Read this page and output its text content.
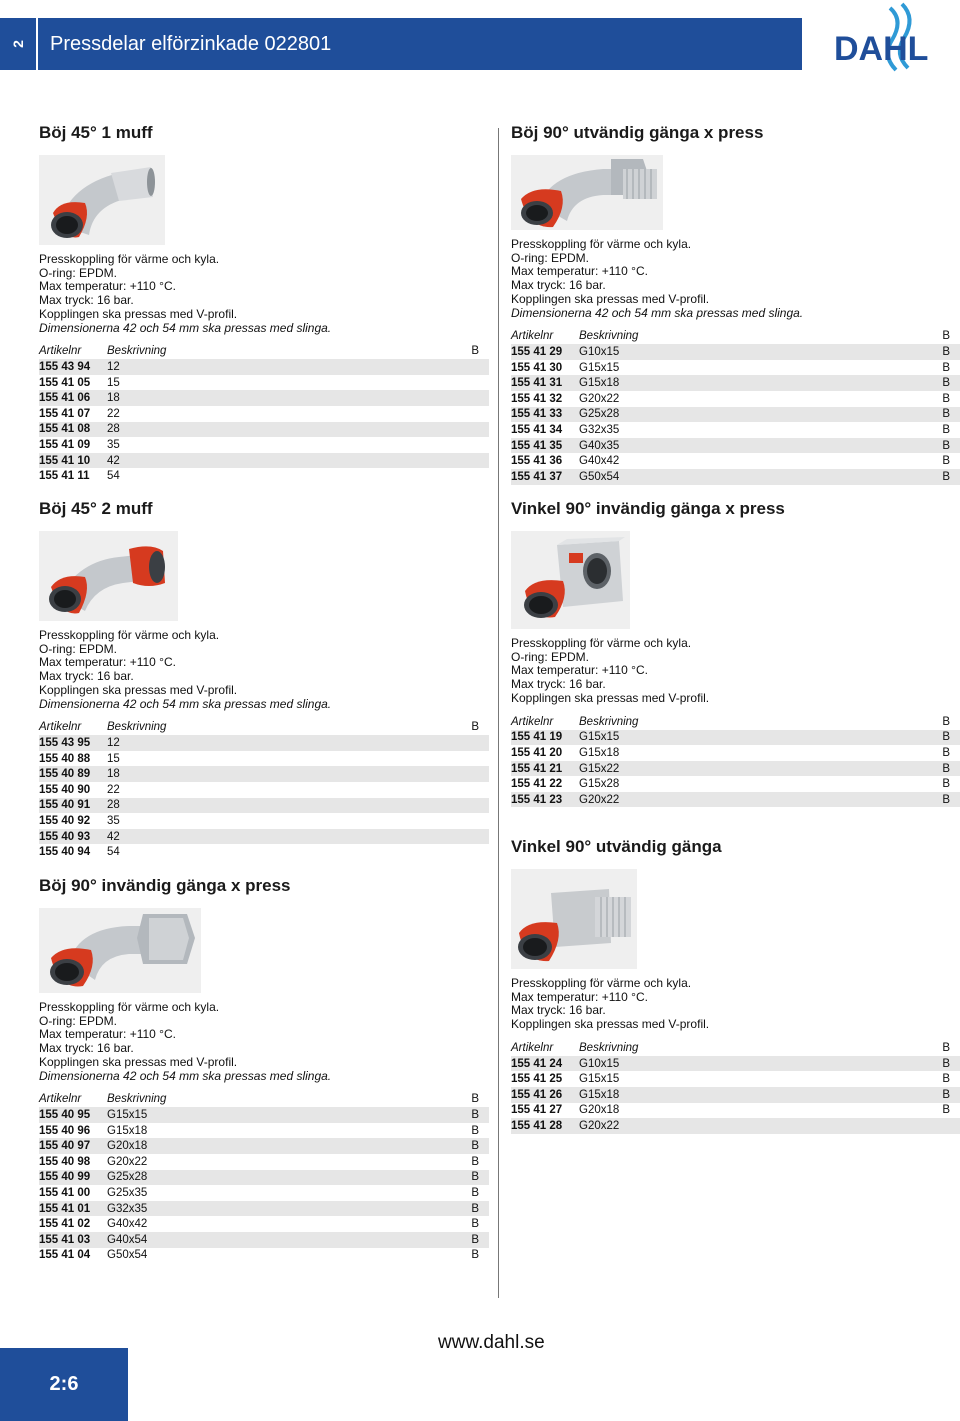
2	Pressdelar elförzinkade 022801	DAHL
Böj 45° 1 muff
Presskoppling för värme och kyla.
O-ring: EPDM.
Max temperatur: +110 °C.
Max tryck: 16 bar.
Kopplingen ska pressas med V-profil.
Dimensionerna 42 och 54 mm ska pressas med slinga.
Artikelnr	Beskrivning	B
155 43 94	12	
155 41 05	15	
155 41 06	18	
155 41 07	22	
155 41 08	28	
155 41 09	35	
155 41 10	42	
155 41 11	54	
Böj 45° 2 muff
Presskoppling för värme och kyla.
O-ring: EPDM.
Max temperatur: +110 °C.
Max tryck: 16 bar.
Kopplingen ska pressas med V-profil.
Dimensionerna 42 och 54 mm ska pressas med slinga.
Artikelnr	Beskrivning	B
155 43 95	12	
155 40 88	15	
155 40 89	18	
155 40 90	22	
155 40 91	28	
155 40 92	35	
155 40 93	42	
155 40 94	54	
Böj 90° invändig gänga x press
Presskoppling för värme och kyla.
O-ring: EPDM.
Max temperatur: +110 °C.
Max tryck: 16 bar.
Kopplingen ska pressas med V-profil.
Dimensionerna 42 och 54 mm ska pressas med slinga.
Artikelnr	Beskrivning	B
155 40 95	G15x15	B
155 40 96	G15x18	B
155 40 97	G20x18	B
155 40 98	G20x22	B
155 40 99	G25x28	B
155 41 00	G25x35	B
155 41 01	G32x35	B
155 41 02	G40x42	B
155 41 03	G40x54	B
155 41 04	G50x54	B
Böj 90° utvändig gänga x press
Presskoppling för värme och kyla.
O-ring: EPDM.
Max temperatur: +110 °C.
Max tryck: 16 bar.
Kopplingen ska pressas med V-profil.
Dimensionerna 42 och 54 mm ska pressas med slinga.
Artikelnr	Beskrivning	B
155 41 29	G10x15	B
155 41 30	G15x15	B
155 41 31	G15x18	B
155 41 32	G20x22	B
155 41 33	G25x28	B
155 41 34	G32x35	B
155 41 35	G40x35	B
155 41 36	G40x42	B
155 41 37	G50x54	B
Vinkel 90° invändig gänga x press
Presskoppling för värme och kyla.
O-ring: EPDM.
Max temperatur: +110 °C.
Max tryck: 16 bar.
Kopplingen ska pressas med V-profil.
Artikelnr	Beskrivning	B
155 41 19	G15x15	B
155 41 20	G15x18	B
155 41 21	G15x22	B
155 41 22	G15x28	B
155 41 23	G20x22	B
Vinkel 90° utvändig gänga
Presskoppling för värme och kyla.
Max temperatur: +110 °C.
Max tryck: 16 bar.
Kopplingen ska pressas med V-profil.
Artikelnr	Beskrivning	B
155 41 24	G10x15	B
155 41 25	G15x15	B
155 41 26	G15x18	B
155 41 27	G20x18	B
155 41 28	G20x22	
www.dahl.se
2:6
